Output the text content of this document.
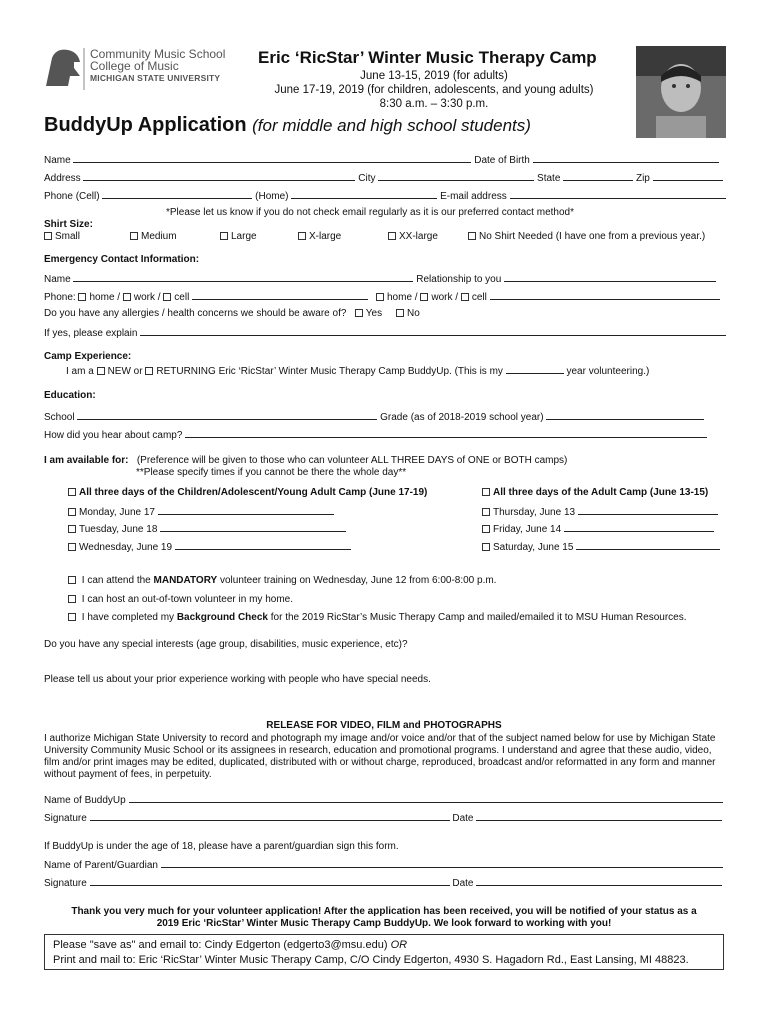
Community Music School
College of Music
MICHIGAN STATE UNIVERSITY
Eric ‘RicStar’ Winter Music Therapy Camp
June 13-15, 2019 (for adults)
June 17-19, 2019 (for children, adolescents, and young adults)
8:30 a.m. – 3:30 p.m.
BuddyUp Application (for middle and high school students)
Name	Date of Birth
Address	City	State	Zip
Phone (Cell)	(Home)	E-mail address
*Please let us know if you do not check email regularly as it is our preferred contact method*
Shirt Size:
Small	Medium	Large	X-large	XX-large	No Shirt Needed (I have one from a previous year.)
Emergency Contact Information:
Name	Relationship to you
Phone: home / work / cell	home / work / cell
Do you have any allergies / health concerns we should be aware of? Yes No
If yes, please explain
Camp Experience:
I am a NEW or RETURNING Eric ‘RicStar’ Winter Music Therapy Camp BuddyUp. (This is my	year volunteering.)
Education:
School	Grade (as of 2018-2019 school year)
How did you hear about camp?
I am available for: (Preference will be given to those who can volunteer ALL THREE DAYS of ONE or BOTH camps)
**Please specify times if you cannot be there the whole day**
All three days of the Children/Adolescent/Young Adult Camp (June 17-19)	All three days of the Adult Camp (June 13-15)
Monday, June 17
Tuesday, June 18
Wednesday, June 19
Thursday, June 13
Friday, June 14
Saturday, June 15
I can attend the MANDATORY volunteer training on Wednesday, June 12 from 6:00-8:00 p.m.
I can host an out-of-town volunteer in my home.
I have completed my Background Check for the 2019 RicStar’s Music Therapy Camp and mailed/emailed it to MSU Human Resources.
Do you have any special interests (age group, disabilities, music experience, etc)?
Please tell us about your prior experience working with people who have special needs.
RELEASE FOR VIDEO, FILM and PHOTOGRAPHS
I authorize Michigan State University to record and photograph my image and/or voice and/or that of the subject named below for use by Michigan State
University Community Music School or its assignees in research, education and promotional programs. I understand and agree that these audio, video,
film and/or print images may be edited, duplicated, distributed with or without charge, reproduced, broadcast and/or reformatted in any form and manner
without payment of fees, in perpetuity.
Name of BuddyUp
Signature	Date
If BuddyUp is under the age of 18, please have a parent/guardian sign this form.
Name of Parent/Guardian
Signature	Date
Thank you very much for your volunteer application! After the application has been received, you will be notified of your status as a
2019 Eric ‘RicStar’ Winter Music Therapy Camp BuddyUp. We look forward to working with you!
Please "save as" and email to: Cindy Edgerton (edgerto3@msu.edu) OR
Print and mail to: Eric ‘RicStar’ Winter Music Therapy Camp, C/O Cindy Edgerton, 4930 S. Hagadorn Rd., East Lansing, MI 48823.
